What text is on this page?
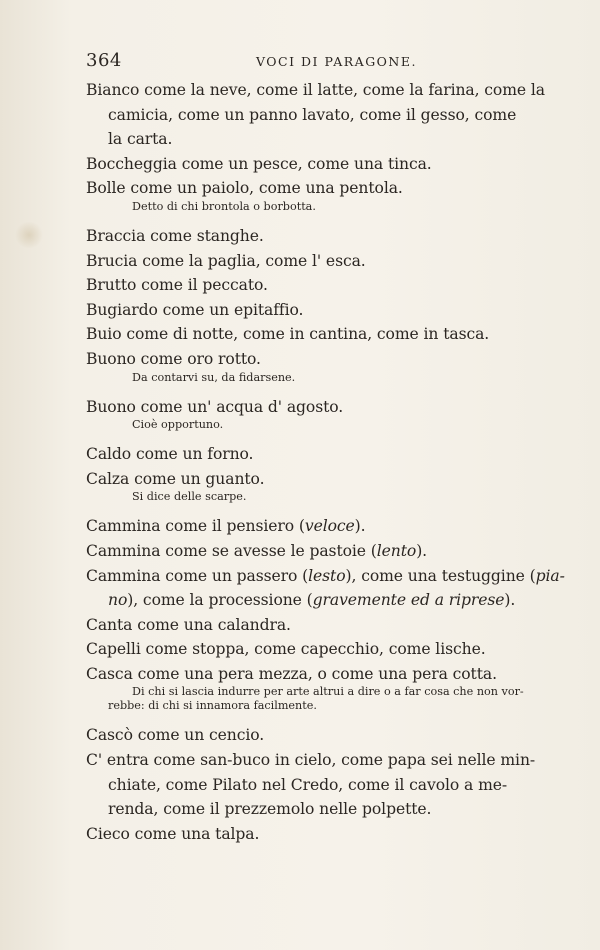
364	VOCI DI PARAGONE.
Bianco come la neve, come il latte, come la farina, come la
camicia, come un panno lavato, come il gesso, come
la carta.
Boccheggia come un pesce, come una tinca.
Bolle come un paiolo, come una pentola.
Detto di chi brontola o borbotta.
Braccia come stanghe.
Brucia come la paglia, come l' esca.
Brutto come il peccato.
Bugiardo come un epitaffio.
Buio come di notte, come in cantina, come in tasca.
Buono come oro rotto.
Da contarvi su, da fidarsene.
Buono come un' acqua d' agosto.
Cioè opportuno.
Caldo come un forno.
Calza come un guanto.
Si dice delle scarpe.
Cammina come il pensiero (veloce).
Cammina come se avesse le pastoie (lento).
Cammina come un passero (lesto), come una testuggine (pia-
no), come la processione (gravemente ed a riprese).
Canta come una calandra.
Capelli come stoppa, come capecchio, come lische.
Casca come una pera mezza, o come una pera cotta.
Di chi si lascia indurre per arte altrui a dire o a far cosa che non vor-
rebbe: di chi si innamora facilmente.
Cascò come un cencio.
C' entra come san-buco in cielo, come papa sei nelle min-
chiate, come Pilato nel Credo, come il cavolo a me-
renda, come il prezzemolo nelle polpette.
Cieco come una talpa.
